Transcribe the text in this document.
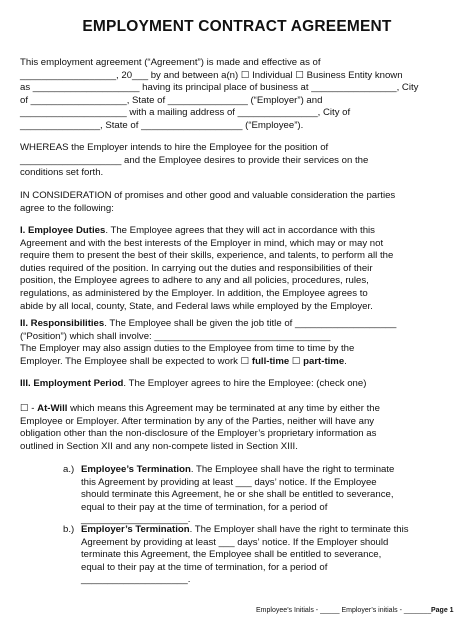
EMPLOYMENT CONTRACT AGREEMENT
This employment agreement (“Agreement”) is made and effective as of
__________________, 20___ by and between a(n) ☐ Individual ☐ Business Entity known
as ____________________ having its principal place of business at ________________, City
of __________________, State of _______________ (“Employer”) and
____________________ with a mailing address of _______________, City of
_______________, State of ___________________ (“Employee”).
WHEREAS the Employer intends to hire the Employee for the position of
___________________ and the Employee desires to provide their services on the
conditions set forth.
IN CONSIDERATION of promises and other good and valuable consideration the parties
agree to the following:
I. Employee Duties. The Employee agrees that they will act in accordance with this
Agreement and with the best interests of the Employer in mind, which may or may not
require them to present the best of their skills, experience, and talents, to perform all the
duties required of the position. In carrying out the duties and responsibilities of their
position, the Employee agrees to adhere to any and all policies, procedures, rules,
regulations, as administered by the Employer. In addition, the Employee agrees to
abide by all local, county, State, and Federal laws while employed by the Employer.
II. Responsibilities. The Employee shall be given the job title of ___________________
(“Position”) which shall involve: _________________________________
The Employer may also assign duties to the Employee from time to time by the
Employer. The Employee shall be expected to work ☐ full-time ☐ part-time.
III. Employment Period. The Employer agrees to hire the Employee: (check one)
☐ - At-Will which means this Agreement may be terminated at any time by either the
Employee or Employer. After termination by any of the Parties, neither will have any
obligation other than the non-disclosure of the Employer’s proprietary information as
outlined in Section XII and any non-compete listed in Section XIII.
a.) Employee’s Termination. The Employee shall have the right to terminate
this Agreement by providing at least ___ days’ notice. If the Employee
should terminate this Agreement, he or she shall be entitled to severance,
equal to their pay at the time of termination, for a period of
____________________.
b.) Employer’s Termination. The Employer shall have the right to terminate this
Agreement by providing at least ___ days’ notice. If the Employer should
terminate this Agreement, the Employee shall be entitled to severance,
equal to their pay at the time of termination, for a period of
____________________.
Employee’s Initials - _____ Employer’s initials - _______ Page 1
